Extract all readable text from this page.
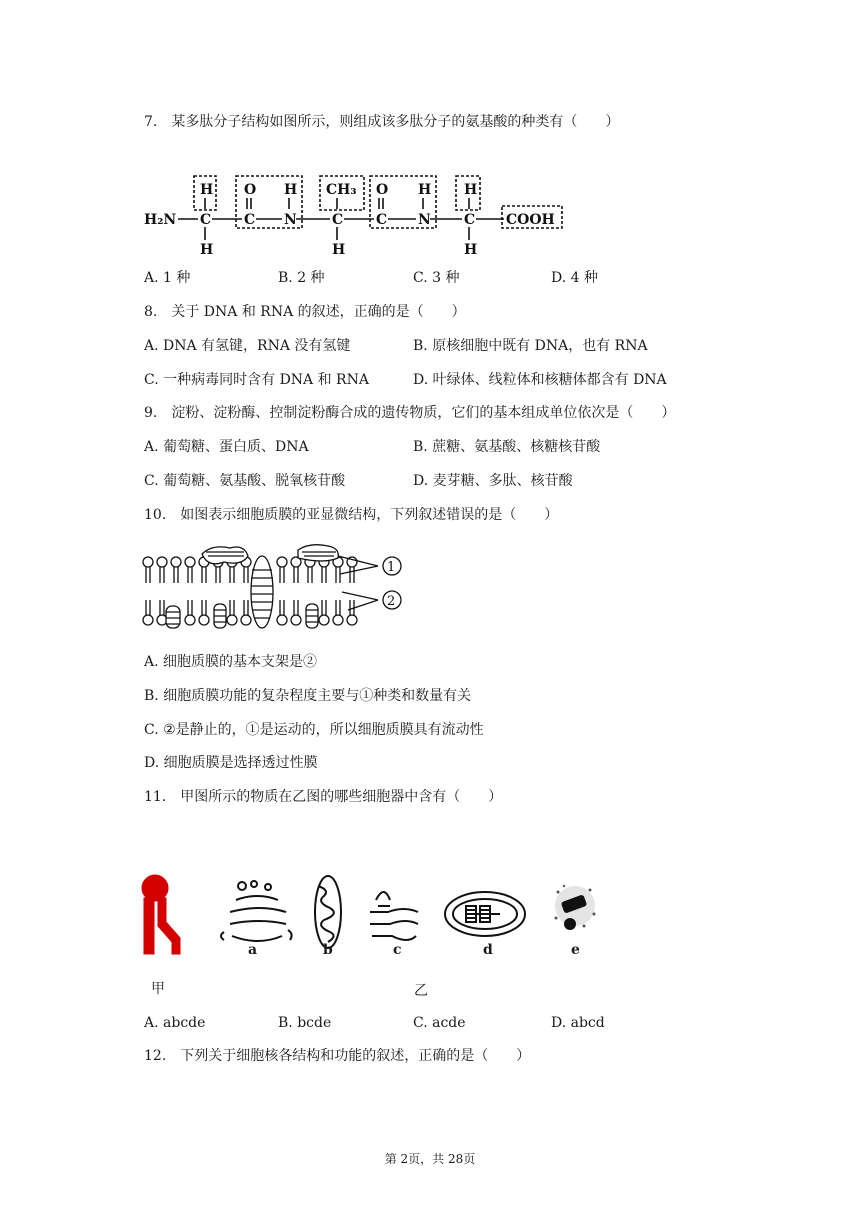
7.　某多肽分子结构如图所示，则组成该多肽分子的氨基酸的种类有（　　）
H₂N C C N	C C N C COOH
H
H
O H CH₃
H
O H H
H
A. 1 种	B. 2 种	C. 3 种	D. 4 种
8.　关于 DNA 和 RNA 的叙述，正确的是（　　）
A. DNA 有氢键，RNA 没有氢键	B. 原核细胞中既有 DNA，也有 RNA
C. 一种病毒同时含有 DNA 和 RNA	D. 叶绿体、线粒体和核糖体都含有 DNA
9.　淀粉、淀粉酶、控制淀粉酶合成的遗传物质，它们的基本组成单位依次是（　　）
A. 葡萄糖、蛋白质、DNA	B. 蔗糖、氨基酸、核糖核苷酸
C. 葡萄糖、氨基酸、脱氧核苷酸	D. 麦芽糖、多肽、核苷酸
10.　如图表示细胞质膜的亚显微结构，下列叙述错误的是（　　）
1
2
A. 细胞质膜的基本支架是②
B. 细胞质膜功能的复杂程度主要与①种类和数量有关
C. ②是静止的，①是运动的，所以细胞质膜具有流动性
D. 细胞质膜是选择透过性膜
11.　甲图所示的物质在乙图的哪些细胞器中含有（　　）
a	b	c	d	e
甲	乙
A. abcde	B. bcde	C. acde	D. abcd
12.　下列关于细胞核各结构和功能的叙述，正确的是（　　）
第 2页，共 28页
